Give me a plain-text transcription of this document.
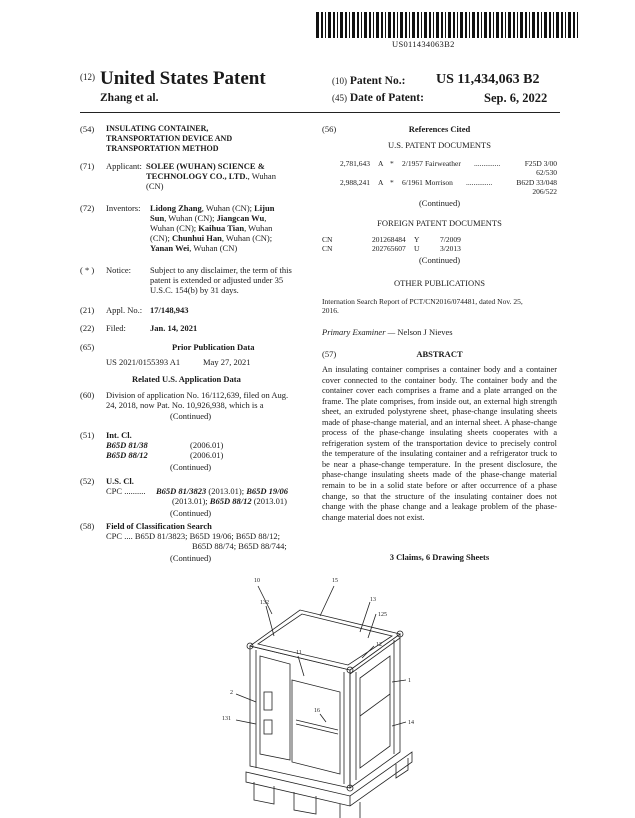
US011434063B2
(12) United States Patent
Zhang et al.
(10) Patent No.: US 11,434,063 B2
(45) Date of Patent:	Sep. 6, 2022
(54) INSULATING CONTAINER,
TRANSPORTATION DEVICE AND
TRANSPORTATION METHOD
(71) Applicant: SOLEE (WUHAN) SCIENCE &
TECHNOLOGY CO., LTD., Wuhan
(CN)
(72) Inventors: Lidong Zhang, Wuhan (CN); Lijun
Sun, Wuhan (CN); Jiangcan Wu,
Wuhan (CN); Kaihua Tian, Wuhan
(CN); Chunhui Han, Wuhan (CN);
Yanan Wei, Wuhan (CN)
( * ) Notice: Subject to any disclaimer, the term of this
patent is extended or adjusted under 35
U.S.C. 154(b) by 31 days.
(21) Appl. No.: 17/148,943
(22) Filed:	Jan. 14, 2021
(65)	Prior Publication Data
US 2021/0155393 A1	May 27, 2021
Related U.S. Application Data
(60) Division of application No. 16/112,639, filed on Aug.
24, 2018, now Pat. No. 10,926,938, which is a
(Continued)
(51) Int. Cl.
B65D 81/38	(2006.01)
B65D 88/12	(2006.01)
(Continued)
(52) U.S. Cl.
CPC .......... B65D 81/3823 (2013.01); B65D 19/06
(2013.01); B65D 88/12 (2013.01)
(Continued)
(58) Field of Classification Search
CPC .... B65D 81/3823; B65D 19/06; B65D 88/12;
B65D 88/74; B65D 88/744;
(Continued)
(56)	References Cited
U.S. PATENT DOCUMENTS
2,781,643 A * 2/1957 Fairweather ..............	F25D 3/00
62/530
2,988,241 A * 6/1961 Morrison ..............	B62D 33/048
206/522
(Continued)
FOREIGN PATENT DOCUMENTS
CN	201268484 Y	7/2009
CN	202765607 U	3/2013
(Continued)
OTHER PUBLICATIONS
Internation Search Report of PCT/CN2016/074481, dated Nov. 25,
2016.
Primary Examiner — Nelson J Nieves
(57)	ABSTRACT
An insulating container comprises a container body and a container cover connected to the container body. The container body and the container cover each comprises a frame and a plate arranged on the frame. The plate comprises, from inside out, an external high strength sheet, an extruded polystyrene sheet, phase-change insulating sheets made of phase-change material, and an internal sheet. A phase-change process of the phase-change insulating sheets cooperates with a refrigeration system of the transportation device to precisely control the temperature of the insulating container and a refrigerator truck to be near a phase-change temperature. In the present disclosure, the phase-change insulating sheets made of the phase-change material remain to be in a solid state before or after occurrence of a phase change, so that the structure of the insulating container does not change with the phase change and a leakage problem of the phase-change material does not exist.
3 Claims, 6 Drawing Sheets
10	15
132	13
125
11
12
16
1
2
131
14
